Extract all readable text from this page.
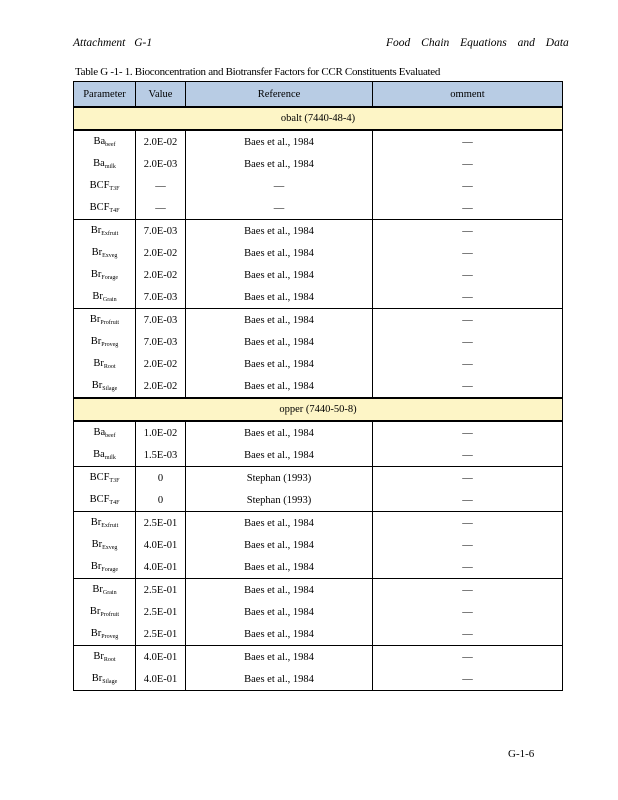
Attachment G-1	Food Chain Equations and Data
Table G -1- 1. Bioconcentration and Biotransfer Factors for CCR Constituents Evaluated
Parameter	Value	Reference	omment
obalt (7440-48-4)			
$Ba_{beef}$	2.0E-02	Baes et al., 1984	—
$Ba_{milk}$	2.0E-03	Baes et al., 1984	—
$BCF_{T3F}$	—	—	—
$BCF_{T4F}$	—	—	—
$Br_{Exfruit}$	7.0E-03	Baes et al., 1984	—
$Br_{Exveg}$	2.0E-02	Baes et al., 1984	—
$Br_{Forage}$	2.0E-02	Baes et al., 1984	—
$Br_{Grain}$	7.0E-03	Baes et al., 1984	—
$Br_{Profruit}$	7.0E-03	Baes et al., 1984	—
$Br_{Proveg}$	7.0E-03	Baes et al., 1984	—
$Br_{Root}$	2.0E-02	Baes et al., 1984	—
$Br_{Silage}$	2.0E-02	Baes et al., 1984	—
opper (7440-50-8)			
$Ba_{beef}$	1.0E-02	Baes et al., 1984	—
$Ba_{milk}$	1.5E-03	Baes et al., 1984	—
$BCF_{T3F}$	0	Stephan (1993)	—
$BCF_{T4F}$	0	Stephan (1993)	—
$Br_{Exfruit}$	2.5E-01	Baes et al., 1984	—
$Br_{Exveg}$	4.0E-01	Baes et al., 1984	—
$Br_{Forage}$	4.0E-01	Baes et al., 1984	—
$Br_{Grain}$	2.5E-01	Baes et al., 1984	—
$Br_{Profruit}$	2.5E-01	Baes et al., 1984	—
$Br_{Proveg}$	2.5E-01	Baes et al., 1984	—
$Br_{Root}$	4.0E-01	Baes et al., 1984	—
$Br_{Silage}$	4.0E-01	Baes et al., 1984	—
G-1-6
